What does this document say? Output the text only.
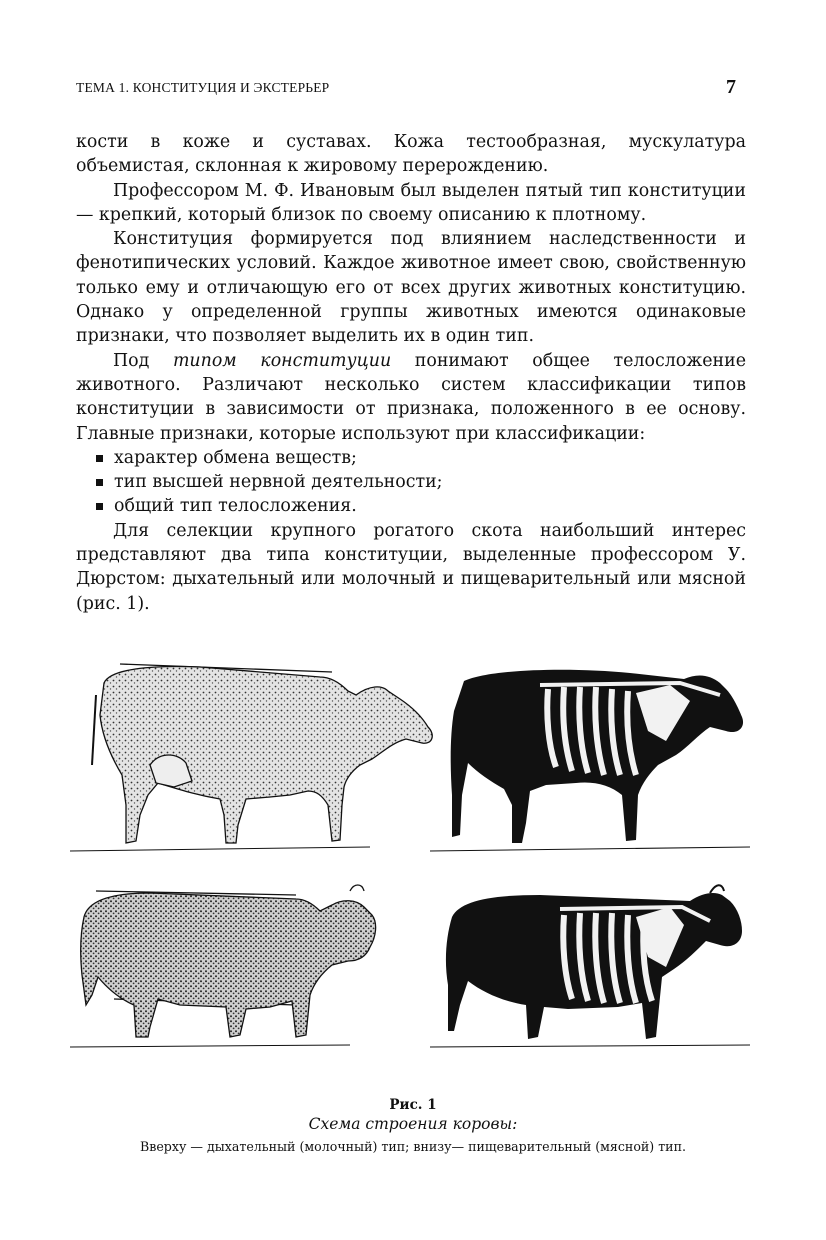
ТЕМА 1. КОНСТИТУЦИЯ И ЭКСТЕРЬЕР	7

кости в коже и суставах. Кожа тестообразная, мускулатура объемистая, склонная к жировому перерождению.

Профессором М. Ф. Ивановым был выделен пятый тип конституции — крепкий, который близок по своему описанию к плотному.

Конституция формируется под влиянием наследственности и фенотипических условий. Каждое животное имеет свою, свойственную только ему и отличающую его от всех других животных конституцию. Однако у определенной группы животных имеются одинаковые признаки, что позволяет выделить их в один тип.

Под типом конституции понимают общее телосложение животного. Различают несколько систем классификации типов конституции в зависимости от признака, положенного в ее основу. Главные признаки, которые используют при классификации:

характер обмена веществ;
тип высшей нервной деятельности;
общий тип телосложения.

Для селекции крупного рогатого скота наибольший интерес представляют два типа конституции, выделенные профессором У. Дюрстом: дыхательный или молочный и пищеварительный или мясной (рис. 1).

Рис. 1
Схема строения коровы:
Вверху — дыхательный (молочный) тип; внизу— пищеварительный (мясной) тип.
